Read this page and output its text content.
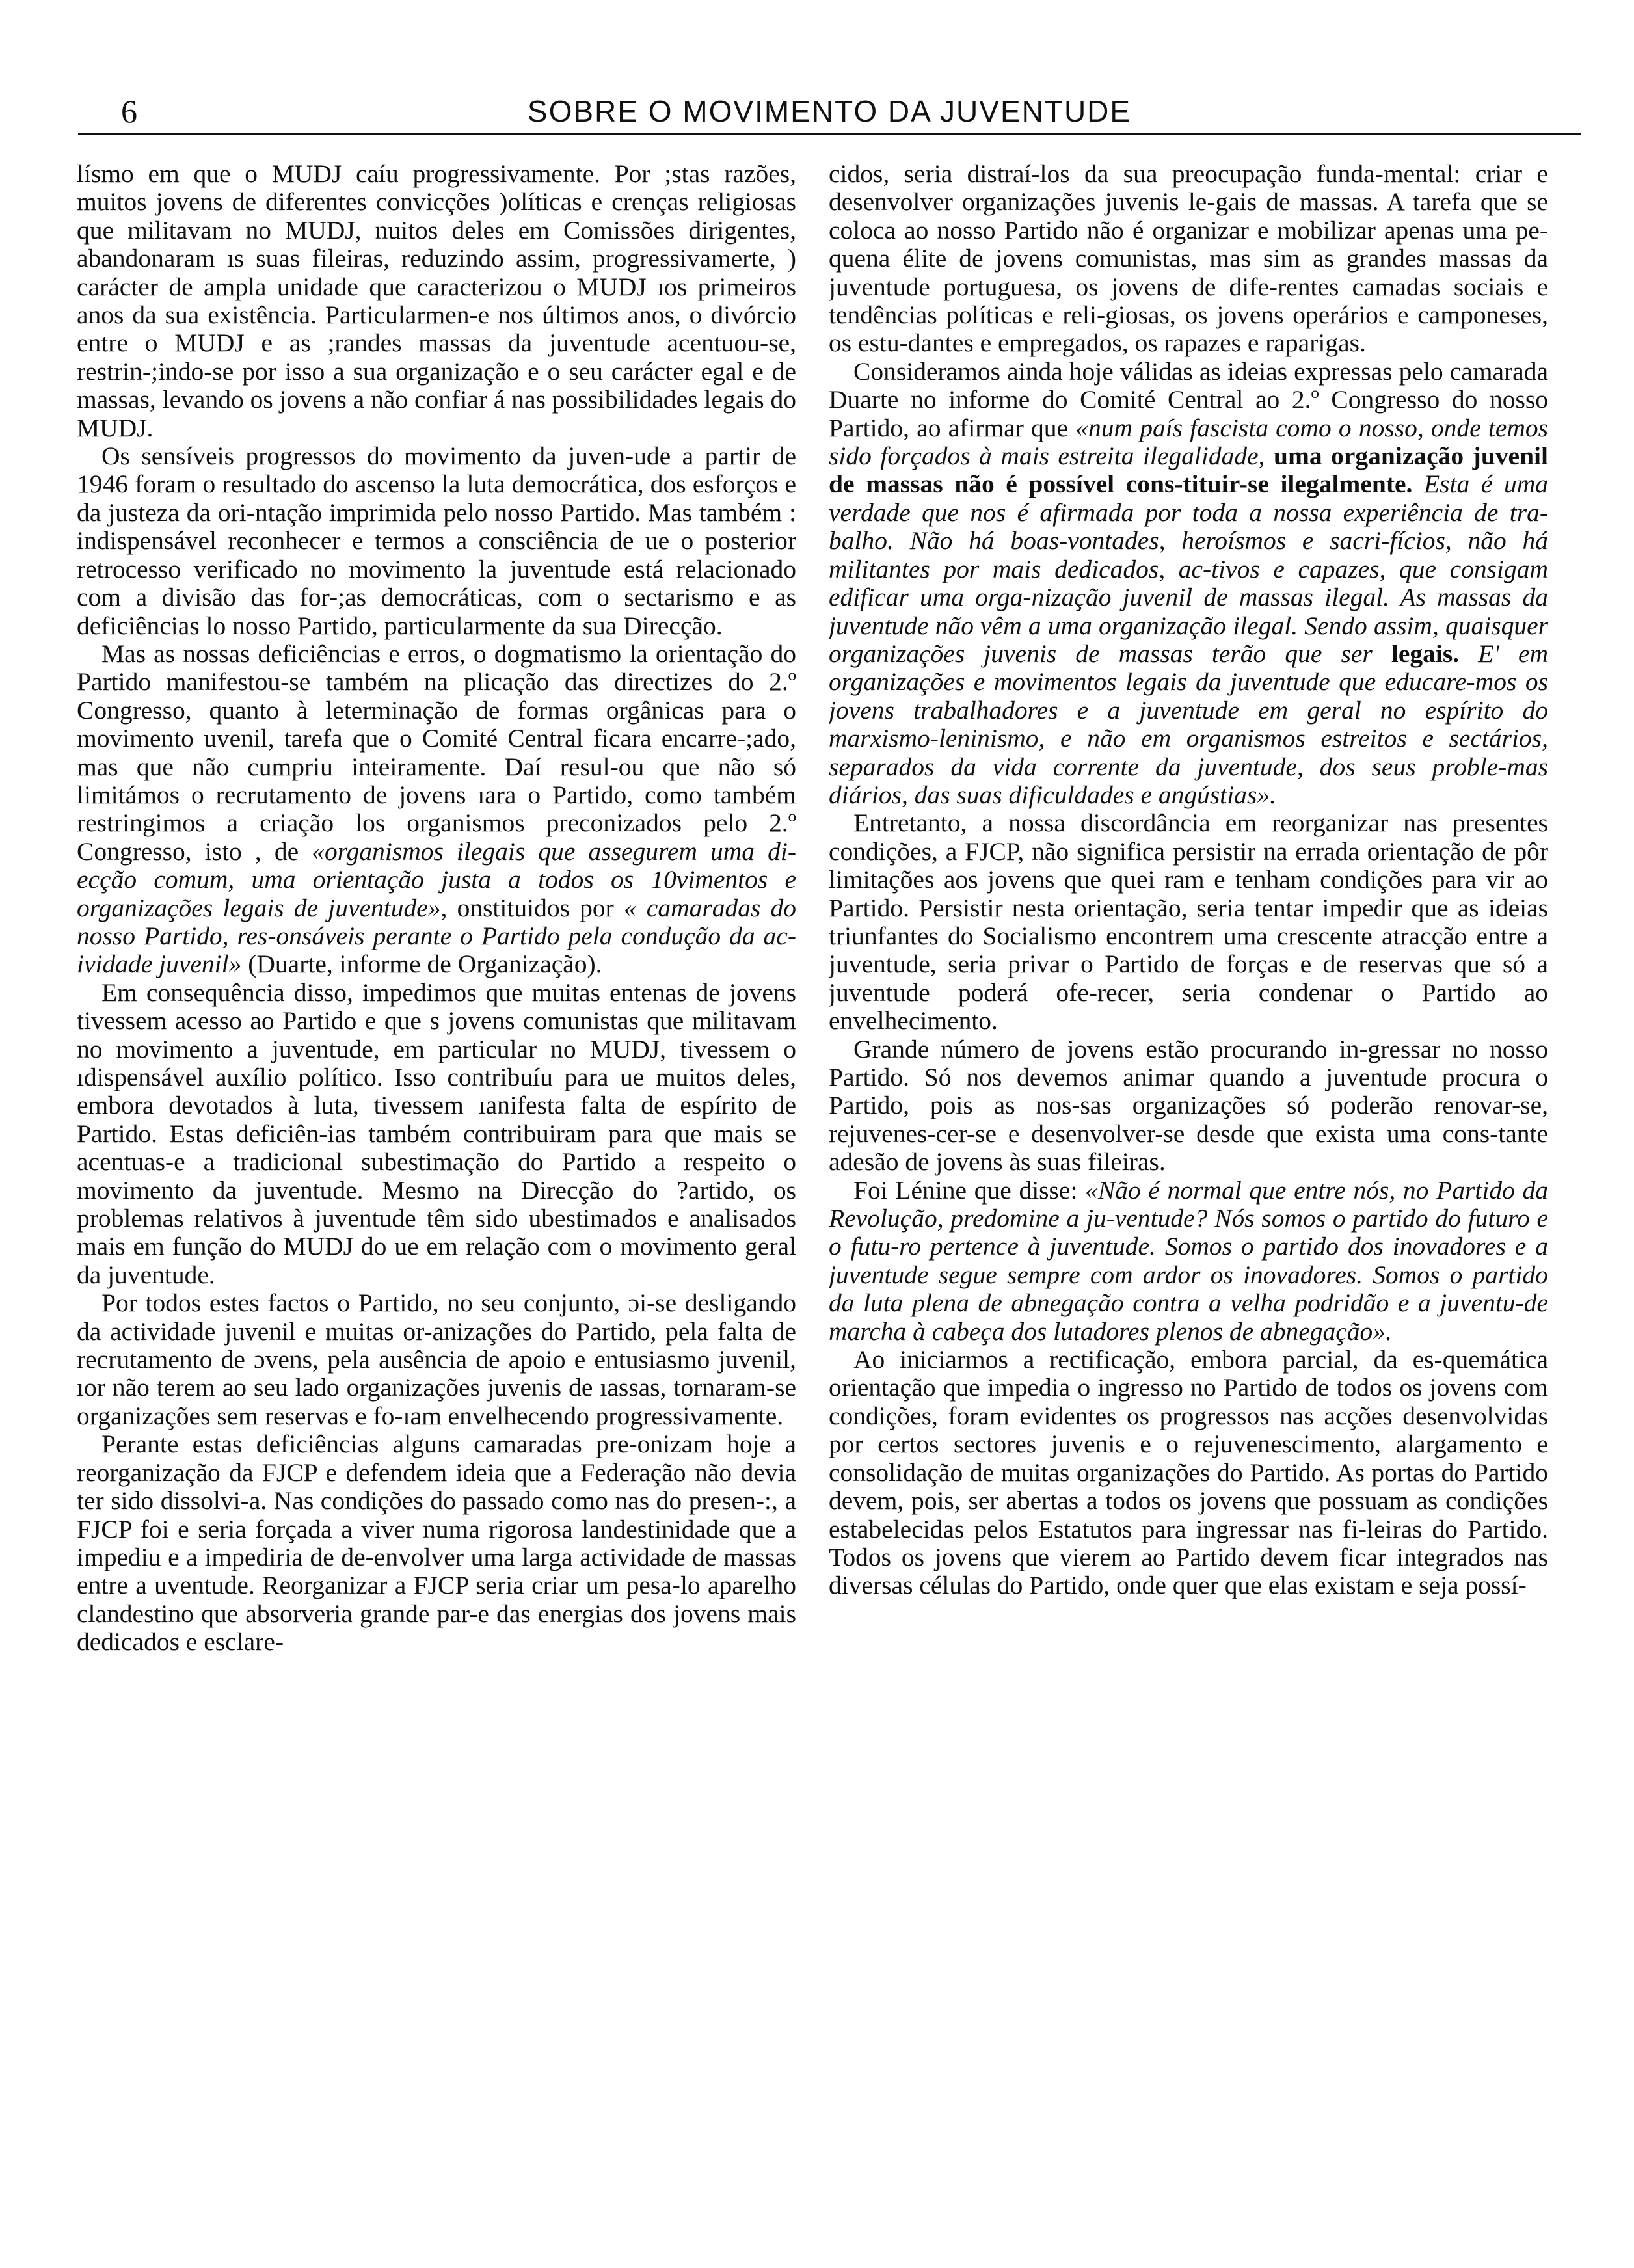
6	SOBRE O MOVIMENTO DA JUVENTUDE

lísmo em que o MUDJ caíu progressivamente. Por ;stas razões, muitos jovens de diferentes convicções )olíticas e crenças religiosas que militavam no MUDJ, nuitos deles em Comissões dirigentes, abandonaram ıs suas fileiras, reduzindo assim, progressivamerte, ) carácter de ampla unidade que caracterizou o MUDJ ıos primeiros anos da sua existência. Particularmen-e nos últimos anos, o divórcio entre o MUDJ e as ;randes massas da juventude acentuou-se, restrin-;indo-se por isso a sua organização e o seu carácter egal e de massas, levando os jovens a não confiar á nas possibilidades legais do MUDJ.

Os sensíveis progressos do movimento da juven-ude a partir de 1946 foram o resultado do ascenso la luta democrática, dos esforços e da justeza da ori-ntação imprimida pelo nosso Partido. Mas também : indispensável reconhecer e termos a consciência de ue o posterior retrocesso verificado no movimento la juventude está relacionado com a divisão das for-;as democráticas, com o sectarismo e as deficiências lo nosso Partido, particularmente da sua Direcção.

Mas as nossas deficiências e erros, o dogmatismo la orientação do Partido manifestou-se também na plicação das directizes do 2.º Congresso, quanto à leterminação de formas orgânicas para o movimento uvenil, tarefa que o Comité Central ficara encarre-;ado, mas que não cumpriu inteiramente. Daí resul-ou que não só limitámos o recrutamento de jovens ıara o Partido, como também restringimos a criação los organismos preconizados pelo 2.º Congresso, isto , de «organismos ilegais que assegurem uma di-ecção comum, uma orientação justa a todos os 10vimentos e organizações legais de juventude», onstituidos por « camaradas do nosso Partido, res-onsáveis perante o Partido pela condução da ac-ividade juvenil» (Duarte, informe de Organização).

Em consequência disso, impedimos que muitas entenas de jovens tivessem acesso ao Partido e que s jovens comunistas que militavam no movimento a juventude, em particular no MUDJ, tivessem o ıdispensável auxílio político. Isso contribuíu para ue muitos deles, embora devotados à luta, tivessem ıanifesta falta de espírito de Partido. Estas deficiên-ias também contribuiram para que mais se acentuas-e a tradicional subestimação do Partido a respeito o movimento da juventude. Mesmo na Direcção do ?artido, os problemas relativos à juventude têm sido ubestimados e analisados mais em função do MUDJ do ue em relação com o movimento geral da juventude.

Por todos estes factos o Partido, no seu conjunto, ɔi-se desligando da actividade juvenil e muitas or-anizações do Partido, pela falta de recrutamento de ɔvens, pela ausência de apoio e entusiasmo juvenil, ıor não terem ao seu lado organizações juvenis de ıassas, tornaram-se organizações sem reservas e fo-ıam envelhecendo progressivamente.

Perante estas deficiências alguns camaradas pre-onizam hoje a reorganização da FJCP e defendem ideia que a Federação não devia ter sido dissolvi-a. Nas condições do passado como nas do presen-:, a FJCP foi e seria forçada a viver numa rigorosa landestinidade que a impediu e a impediria de de-envolver uma larga actividade de massas entre a uventude. Reorganizar a FJCP seria criar um pesa-lo aparelho clandestino que absorveria grande par-e das energias dos jovens mais dedicados e esclare-

cidos, seria distraí-los da sua preocupação funda-mental: criar e desenvolver organizações juvenis le-gais de massas. A tarefa que se coloca ao nosso Partido não é organizar e mobilizar apenas uma pe-quena élite de jovens comunistas, mas sim as grandes massas da juventude portuguesa, os jovens de dife-rentes camadas sociais e tendências políticas e reli-giosas, os jovens operários e camponeses, os estu-dantes e empregados, os rapazes e raparigas.

Consideramos ainda hoje válidas as ideias expressas pelo camarada Duarte no informe do Comité Central ao 2.º Congresso do nosso Partido, ao afirmar que «num país fascista como o nosso, onde temos sido forçados à mais estreita ilegalidade, uma organização juvenil de massas não é possível cons-tituir-se ilegalmente. Esta é uma verdade que nos é afirmada por toda a nossa experiência de tra-balho. Não há boas-vontades, heroísmos e sacri-fícios, não há militantes por mais dedicados, ac-tivos e capazes, que consigam edificar uma orga-nização juvenil de massas ilegal. As massas da juventude não vêm a uma organização ilegal. Sendo assim, quaisquer organizações juvenis de massas terão que ser legais. E' em organizações e movimentos legais da juventude que educare-mos os jovens trabalhadores e a juventude em geral no espírito do marxismo-leninismo, e não em organismos estreitos e sectários, separados da vida corrente da juventude, dos seus proble-mas diários, das suas dificuldades e angústias».

Entretanto, a nossa discordância em reorganizar nas presentes condições, a FJCP, não significa persistir na errada orientação de pôr limitações aos jovens que quei ram e tenham condições para vir ao Partido. Persistir nesta orientação, seria tentar impedir que as ideias triunfantes do Socialismo encontrem uma crescente atracção entre a juventude, seria privar o Partido de forças e de reservas que só a juventude poderá ofe-recer, seria condenar o Partido ao envelhecimento.

Grande número de jovens estão procurando in-gressar no nosso Partido. Só nos devemos animar quando a juventude procura o Partido, pois as nos-sas organizações só poderão renovar-se, rejuvenes-cer-se e desenvolver-se desde que exista uma cons-tante adesão de jovens às suas fileiras.

Foi Lénine que disse: «Não é normal que entre nós, no Partido da Revolução, predomine a ju-ventude? Nós somos o partido do futuro e o futu-ro pertence à juventude. Somos o partido dos inovadores e a juventude segue sempre com ardor os inovadores. Somos o partido da luta plena de abnegação contra a velha podridão e a juventu-de marcha à cabeça dos lutadores plenos de abnegação».

Ao iniciarmos a rectificação, embora parcial, da es-quemática orientação que impedia o ingresso no Partido de todos os jovens com condições, foram evidentes os progressos nas acções desenvolvidas por certos sectores juvenis e o rejuvenescimento, alargamento e consolidação de muitas organizações do Partido. As portas do Partido devem, pois, ser abertas a todos os jovens que possuam as condições estabelecidas pelos Estatutos para ingressar nas fi-leiras do Partido. Todos os jovens que vierem ao Partido devem ficar integrados nas diversas células do Partido, onde quer que elas existam e seja possí-
